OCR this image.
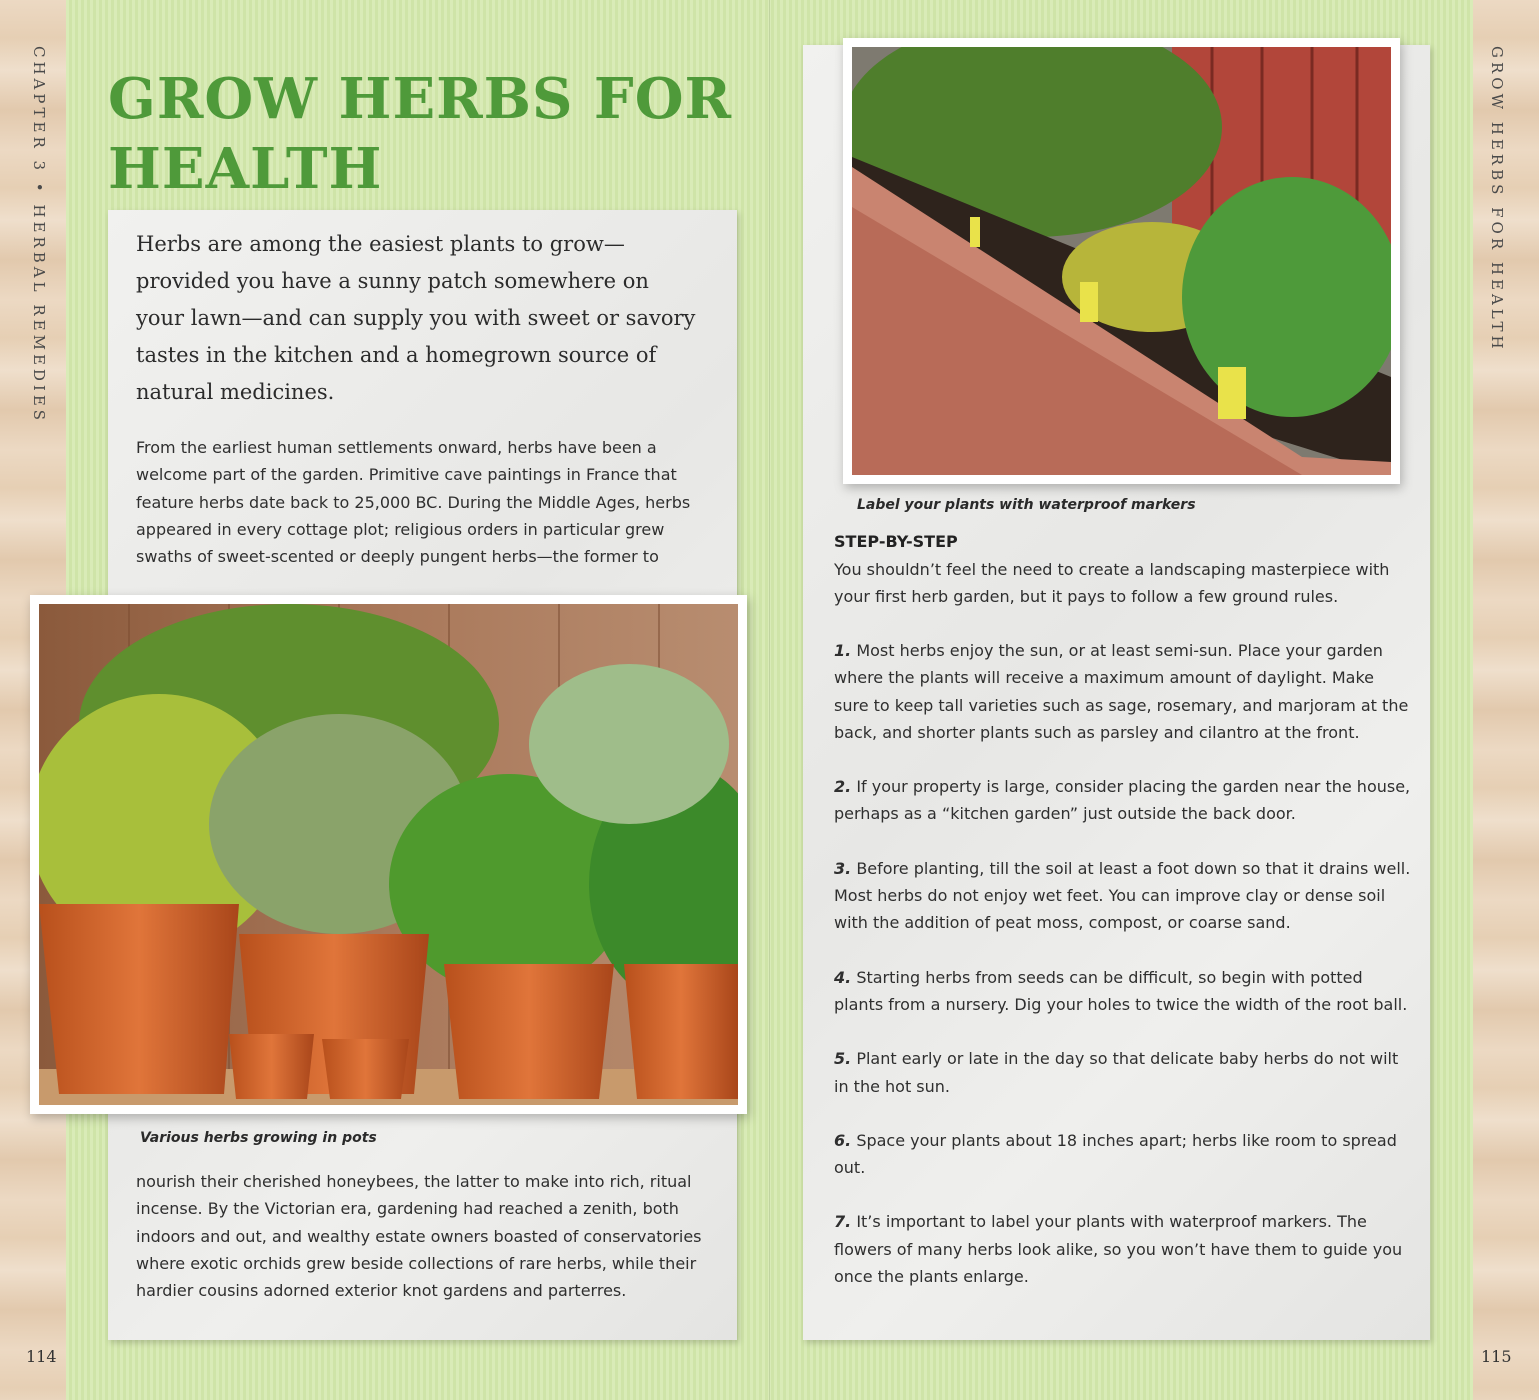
CHAPTER 3 • HERBAL REMEDIES	GROW HERBS FOR HEALTH
114	115
GROW HERBS FOR HEALTH

Herbs are among the easiest plants to grow—provided you have a sunny patch somewhere on your lawn—and can supply you with sweet or savory tastes in the kitchen and a homegrown source of natural medicines.

From the earliest human settlements onward, herbs have been a welcome part of the garden. Primitive cave paintings in France that feature herbs date back to 25,000 BC. During the Middle Ages, herbs appeared in every cottage plot; religious orders in particular grew swaths of sweet-scented or deeply pungent herbs—the former to

Various herbs growing in pots

nourish their cherished honeybees, the latter to make into rich, ritual incense. By the Victorian era, gardening had reached a zenith, both indoors and out, and wealthy estate owners boasted of conservatories where exotic orchids grew beside collections of rare herbs, while their hardier cousins adorned exterior knot gardens and parterres.

Label your plants with waterproof markers
STEP-BY-STEP

You shouldn’t feel the need to create a landscaping masterpiece with your first herb garden, but it pays to follow a few ground rules.

1. Most herbs enjoy the sun, or at least semi-sun. Place your garden where the plants will receive a maximum amount of daylight. Make sure to keep tall varieties such as sage, rosemary, and marjoram at the back, and shorter plants such as parsley and cilantro at the front.

2. If your property is large, consider placing the garden near the house, perhaps as a “kitchen garden” just outside the back door.

3. Before planting, till the soil at least a foot down so that it drains well. Most herbs do not enjoy wet feet. You can improve clay or dense soil with the addition of peat moss, compost, or coarse sand.

4. Starting herbs from seeds can be difficult, so begin with potted plants from a nursery. Dig your holes to twice the width of the root ball.

5. Plant early or late in the day so that delicate baby herbs do not wilt in the hot sun.

6. Space your plants about 18 inches apart; herbs like room to spread out.

7. It’s important to label your plants with waterproof markers. The flowers of many herbs look alike, so you won’t have them to guide you once the plants enlarge.
